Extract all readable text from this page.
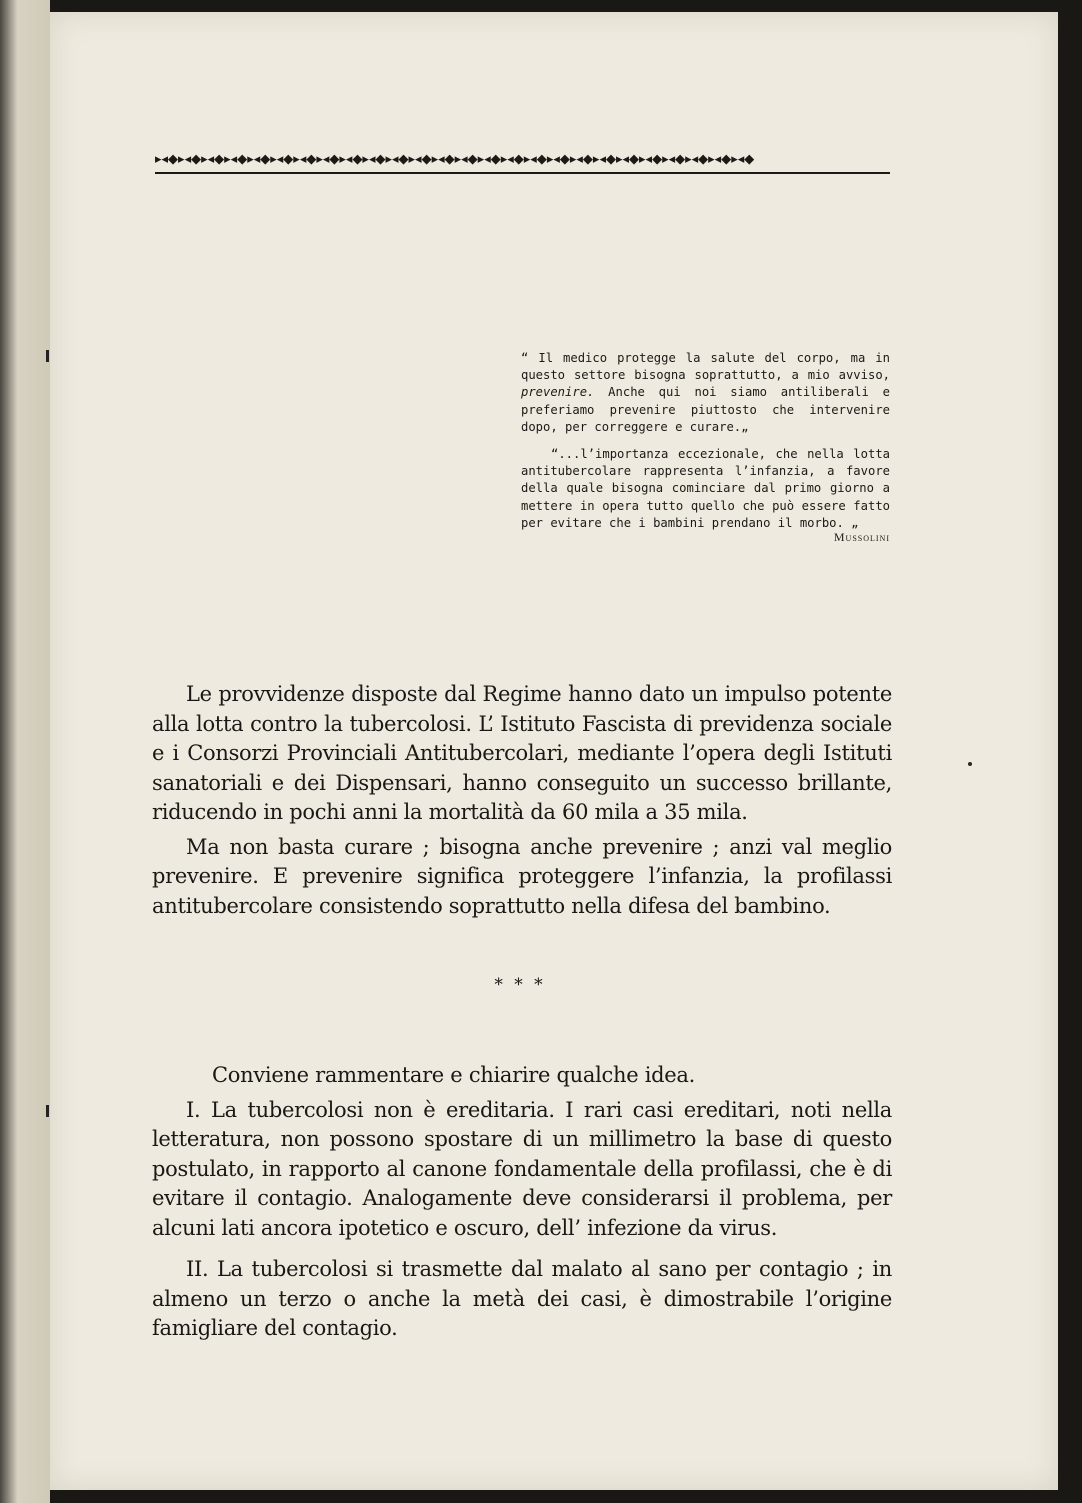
▸◂◆▸◂◆▸◂◆▸◂◆▸◂◆▸◂◆▸◂◆▸◂◆▸◂◆▸◂◆▸◂◆▸◂◆▸◂◆▸◂◆▸◂◆▸◂◆▸◂◆▸◂◆▸◂◆▸◂◆▸◂◆▸◂◆▸◂◆▸◂◆▸◂◆▸◂◆

“ Il medico protegge la salute del corpo, ma in questo settore bisogna soprattutto, a mio avviso, prevenire. Anche qui noi siamo antiliberali e preferiamo prevenire piuttosto che intervenire dopo, per correggere e curare.„

“...l’importanza eccezionale, che nella lotta antitubercolare rappresenta l’infanzia, a favore della quale bisogna cominciare dal primo giorno a mettere in opera tutto quello che può essere fatto per evitare che i bambini prendano il morbo. „

Mussolini

Le provvidenze disposte dal Regime hanno dato un impulso potente alla lotta contro la tubercolosi. L’ Istituto Fascista di previdenza sociale e i Consorzi Provinciali Antitubercolari, mediante l’opera degli Istituti sanatoriali e dei Dispensari, hanno conseguito un successo brillante, riducendo in pochi anni la mortalità da 60 mila a 35 mila.

Ma non basta curare ; bisogna anche prevenire ; anzi val meglio prevenire. E prevenire significa proteggere l’infanzia, la profilassi antitubercolare consistendo soprattutto nella difesa del bambino.

* * *

Conviene rammentare e chiarire qualche idea.

I. La tubercolosi non è ereditaria. I rari casi ereditari, noti nella letteratura, non possono spostare di un millimetro la base di questo postulato, in rapporto al canone fondamentale della profilassi, che è di evitare il contagio. Analogamente deve considerarsi il problema, per alcuni lati ancora ipotetico e oscuro, dell’ infezione da virus.

II. La tubercolosi si trasmette dal malato al sano per contagio ; in almeno un terzo o anche la metà dei casi, è dimostrabile l’origine famigliare del contagio.
